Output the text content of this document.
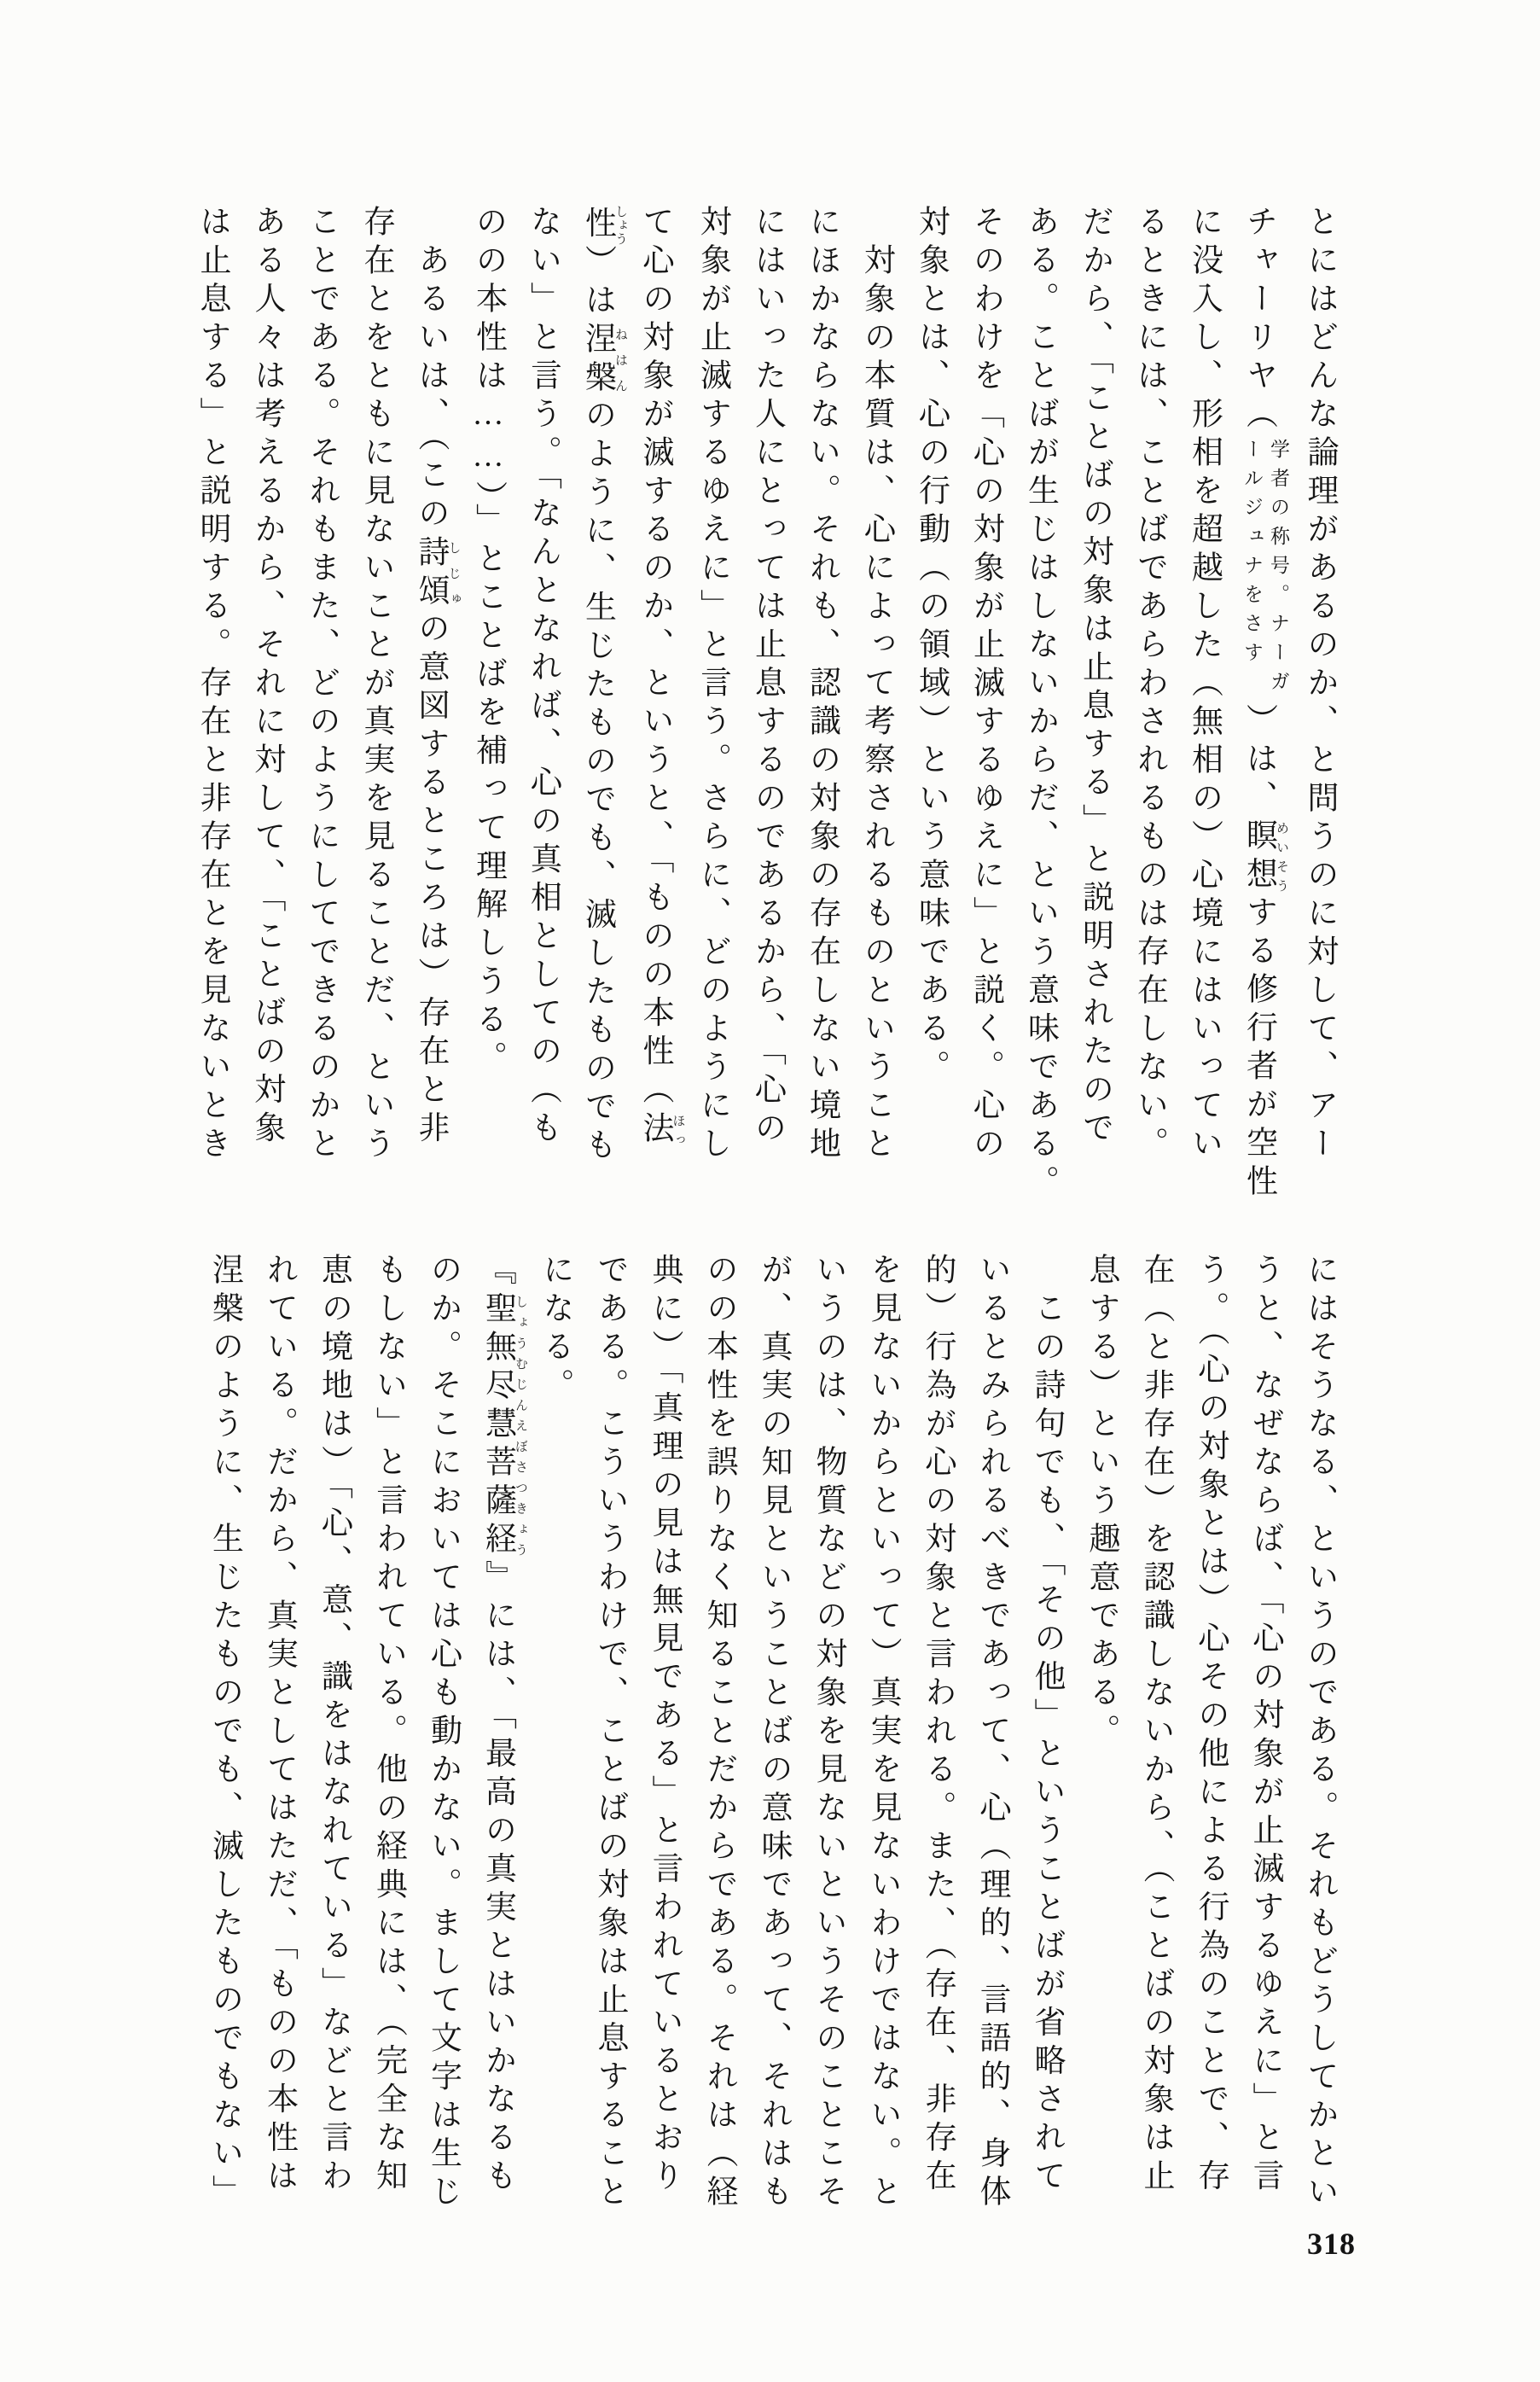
とにはどんな論理があるのか、と問うのに対して、アー

チャーリヤ（
学者の称号。ナーガ
ールジュナをさす
）は、瞑想めいそうする修行者が空性

に没入し、形相を超越した（無相の）心境にはいってい

るときには、ことばであらわされるものは存在しない。

だから、「ことばの対象は止息する」と説明されたので

ある。ことばが生じはしないからだ、という意味である。

そのわけを「心の対象が止滅するゆえに」と説く。心の

対象とは、心の行動（の領域）という意味である。

　対象の本質は、心によって考察されるものということ

にほかならない。それも、認識の対象の存在しない境地

にはいった人にとっては止息するのであるから、「心の

対象が止滅するゆえに」と言う。さらに、どのようにし

て心の対象が滅するのか、というと、「ものの本性（法ほっ

性しょう）は涅槃ねはんのように、生じたものでも、滅したものでも

ない」と言う。「なんとなれば、心の真相としての（も

のの本性は……）」とことばを補って理解しうる。

　あるいは、（この詩頌しじゅの意図するところは）存在と非

存在とをともに見ないことが真実を見ることだ、という

ことである。それもまた、どのようにしてできるのかと

ある人々は考えるから、それに対して、「ことばの対象

は止息する」と説明する。存在と非存在とを見ないとき

にはそうなる、というのである。それもどうしてかとい

うと、なぜならば、「心の対象が止滅するゆえに」と言

う。（心の対象とは）心その他による行為のことで、存

在（と非存在）を認識しないから、（ことばの対象は止

息する）という趣意である。

　この詩句でも、「その他」ということばが省略されて

いるとみられるべきであって、心（理的、言語的、身体

的）行為が心の対象と言われる。また、（存在、非存在

を見ないからといって）真実を見ないわけではない。と

いうのは、物質などの対象を見ないというそのことこそ

が、真実の知見ということばの意味であって、それはも

のの本性を誤りなく知ることだからである。それは（経

典に）「真理の見は無見である」と言われているとおり

である。こういうわけで、ことばの対象は止息すること

になる。

『聖無尽慧菩薩経しょうむじんえぼさつきょう』には、「最高の真実とはいかなるも

のか。そこにおいては心も動かない。まして文字は生じ

もしない」と言われている。他の経典には、（完全な知

恵の境地は）「心、意、識をはなれている」などと言わ

れている。だから、真実としてはただ、「ものの本性は

涅槃のように、生じたものでも、滅したものでもない」

318
